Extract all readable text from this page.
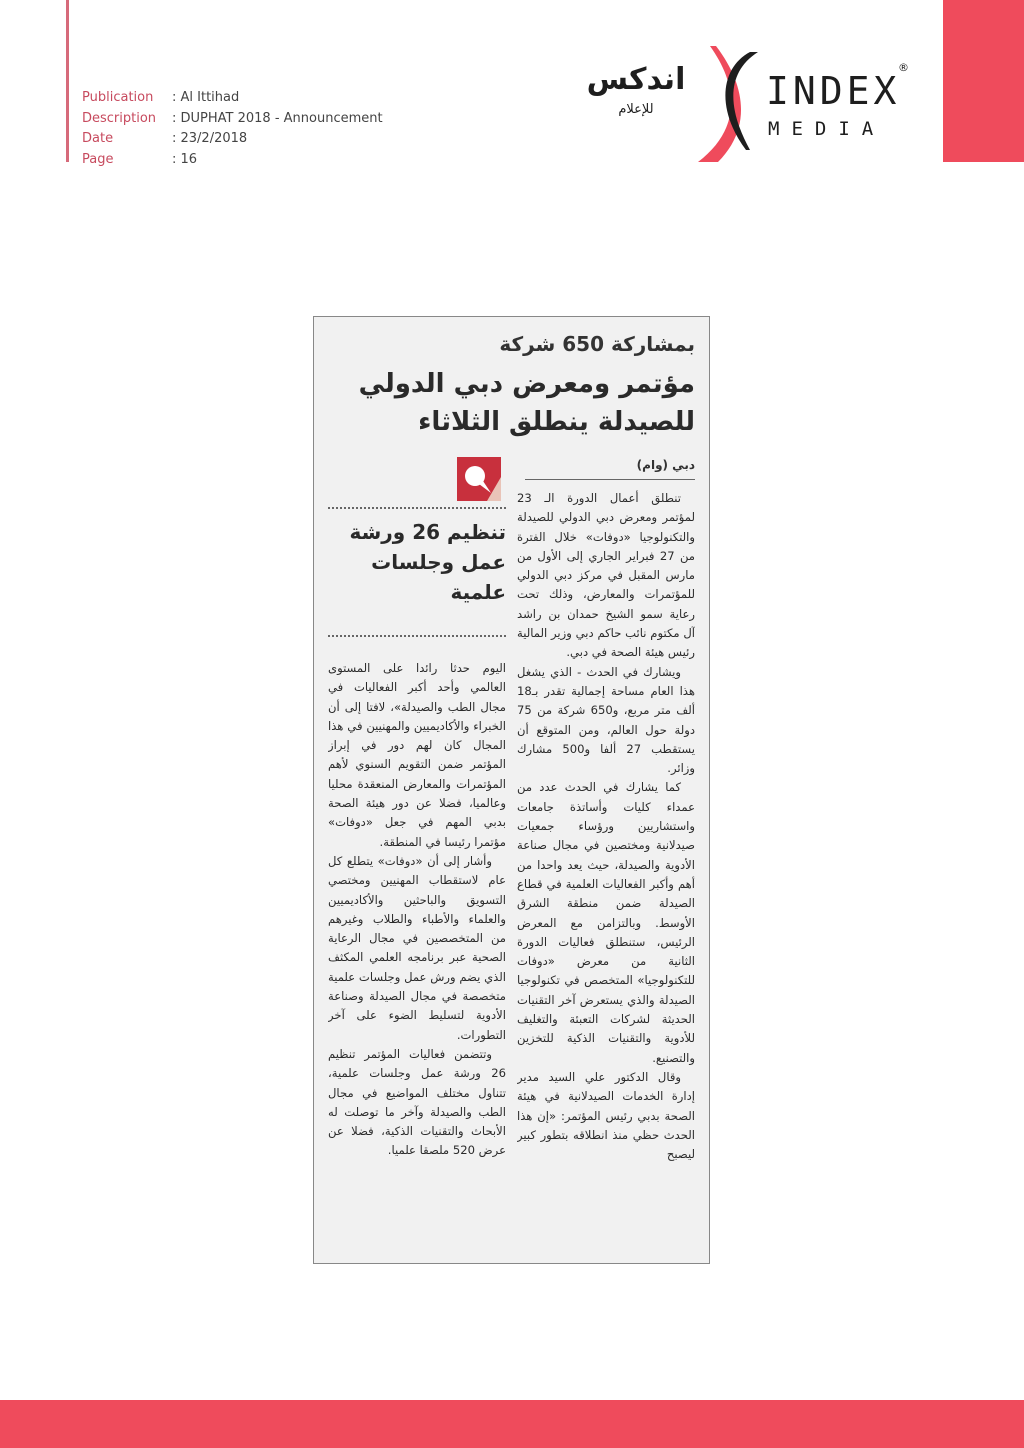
Publication	: Al Ittihad
Description	: DUPHAT 2018 - Announcement
Date	: 23/2/2018
Page	: 16
اندكس
للإعلام	INDEX
®
MEDIA
بمشاركة 650 شركة
مؤتمر ومعرض دبي الدولي للصيدلة ينطلق الثلاثاء
دبي (وام)
تنظيم 26 ورشة عمل وجلسات علمية

تنطلق أعمال الدورة الـ 23 لمؤتمر ومعرض دبي الدولي للصيدلة والتكنولوجيا «دوفات» خلال الفترة من 27 فبراير الجاري إلى الأول من مارس المقبل في مركز دبي الدولي للمؤتمرات والمعارض، وذلك تحت رعاية سمو الشيخ حمدان بن راشد آل مكتوم نائب حاكم دبي وزير المالية رئيس هيئة الصحة في دبي.

ويشارك في الحدث - الذي يشغل هذا العام مساحة إجمالية تقدر بـ18 ألف متر مربع، و650 شركة من 75 دولة حول العالم، ومن المتوقع أن يستقطب 27 ألفا و500 مشارك وزائر.

كما يشارك في الحدث عدد من عمداء كليات وأساتذة جامعات واستشاريين ورؤساء جمعيات صيدلانية ومختصين في مجال صناعة الأدوية والصيدلة، حيث يعد واحدا من أهم وأكبر الفعاليات العلمية في قطاع الصيدلة ضمن منطقة الشرق الأوسط. وبالتزامن مع المعرض الرئيس، ستنطلق فعاليات الدورة الثانية من معرض «دوفات للتكنولوجيا» المتخصص في تكنولوجيا الصيدلة والذي يستعرض آخر التقنيات الحديثة لشركات التعبئة والتغليف للأدوية والتقنيات الذكية للتخزين والتصنيع.

وقال الدكتور علي السيد مدير إدارة الخدمات الصيدلانية في هيئة الصحة بدبي رئيس المؤتمر: «إن هذا الحدث حظي منذ انطلاقه بتطور كبير ليصبح

اليوم حدثا رائدا على المستوى العالمي وأحد أكبر الفعاليات في مجال الطب والصيدلة»، لافتا إلى أن الخبراء والأكاديميين والمهنيين في هذا المجال كان لهم دور في إبراز المؤتمر ضمن التقويم السنوي لأهم المؤتمرات والمعارض المنعقدة محليا وعالميا، فضلا عن دور هيئة الصحة بدبي المهم في جعل «دوفات» مؤتمرا رئيسا في المنطقة.

وأشار إلى أن «دوفات» يتطلع كل عام لاستقطاب المهنيين ومختصي التسويق والباحثين والأكاديميين والعلماء والأطباء والطلاب وغيرهم من المتخصصين في مجال الرعاية الصحية عبر برنامجه العلمي المكثف الذي يضم ورش عمل وجلسات علمية متخصصة في مجال الصيدلة وصناعة الأدوية لتسليط الضوء على آخر التطورات.

وتتضمن فعاليات المؤتمر تنظيم 26 ورشة عمل وجلسات علمية، تتناول مختلف المواضيع في مجال الطب والصيدلة وآخر ما توصلت له الأبحاث والتقنيات الذكية، فضلا عن عرض 520 ملصقا علميا.
